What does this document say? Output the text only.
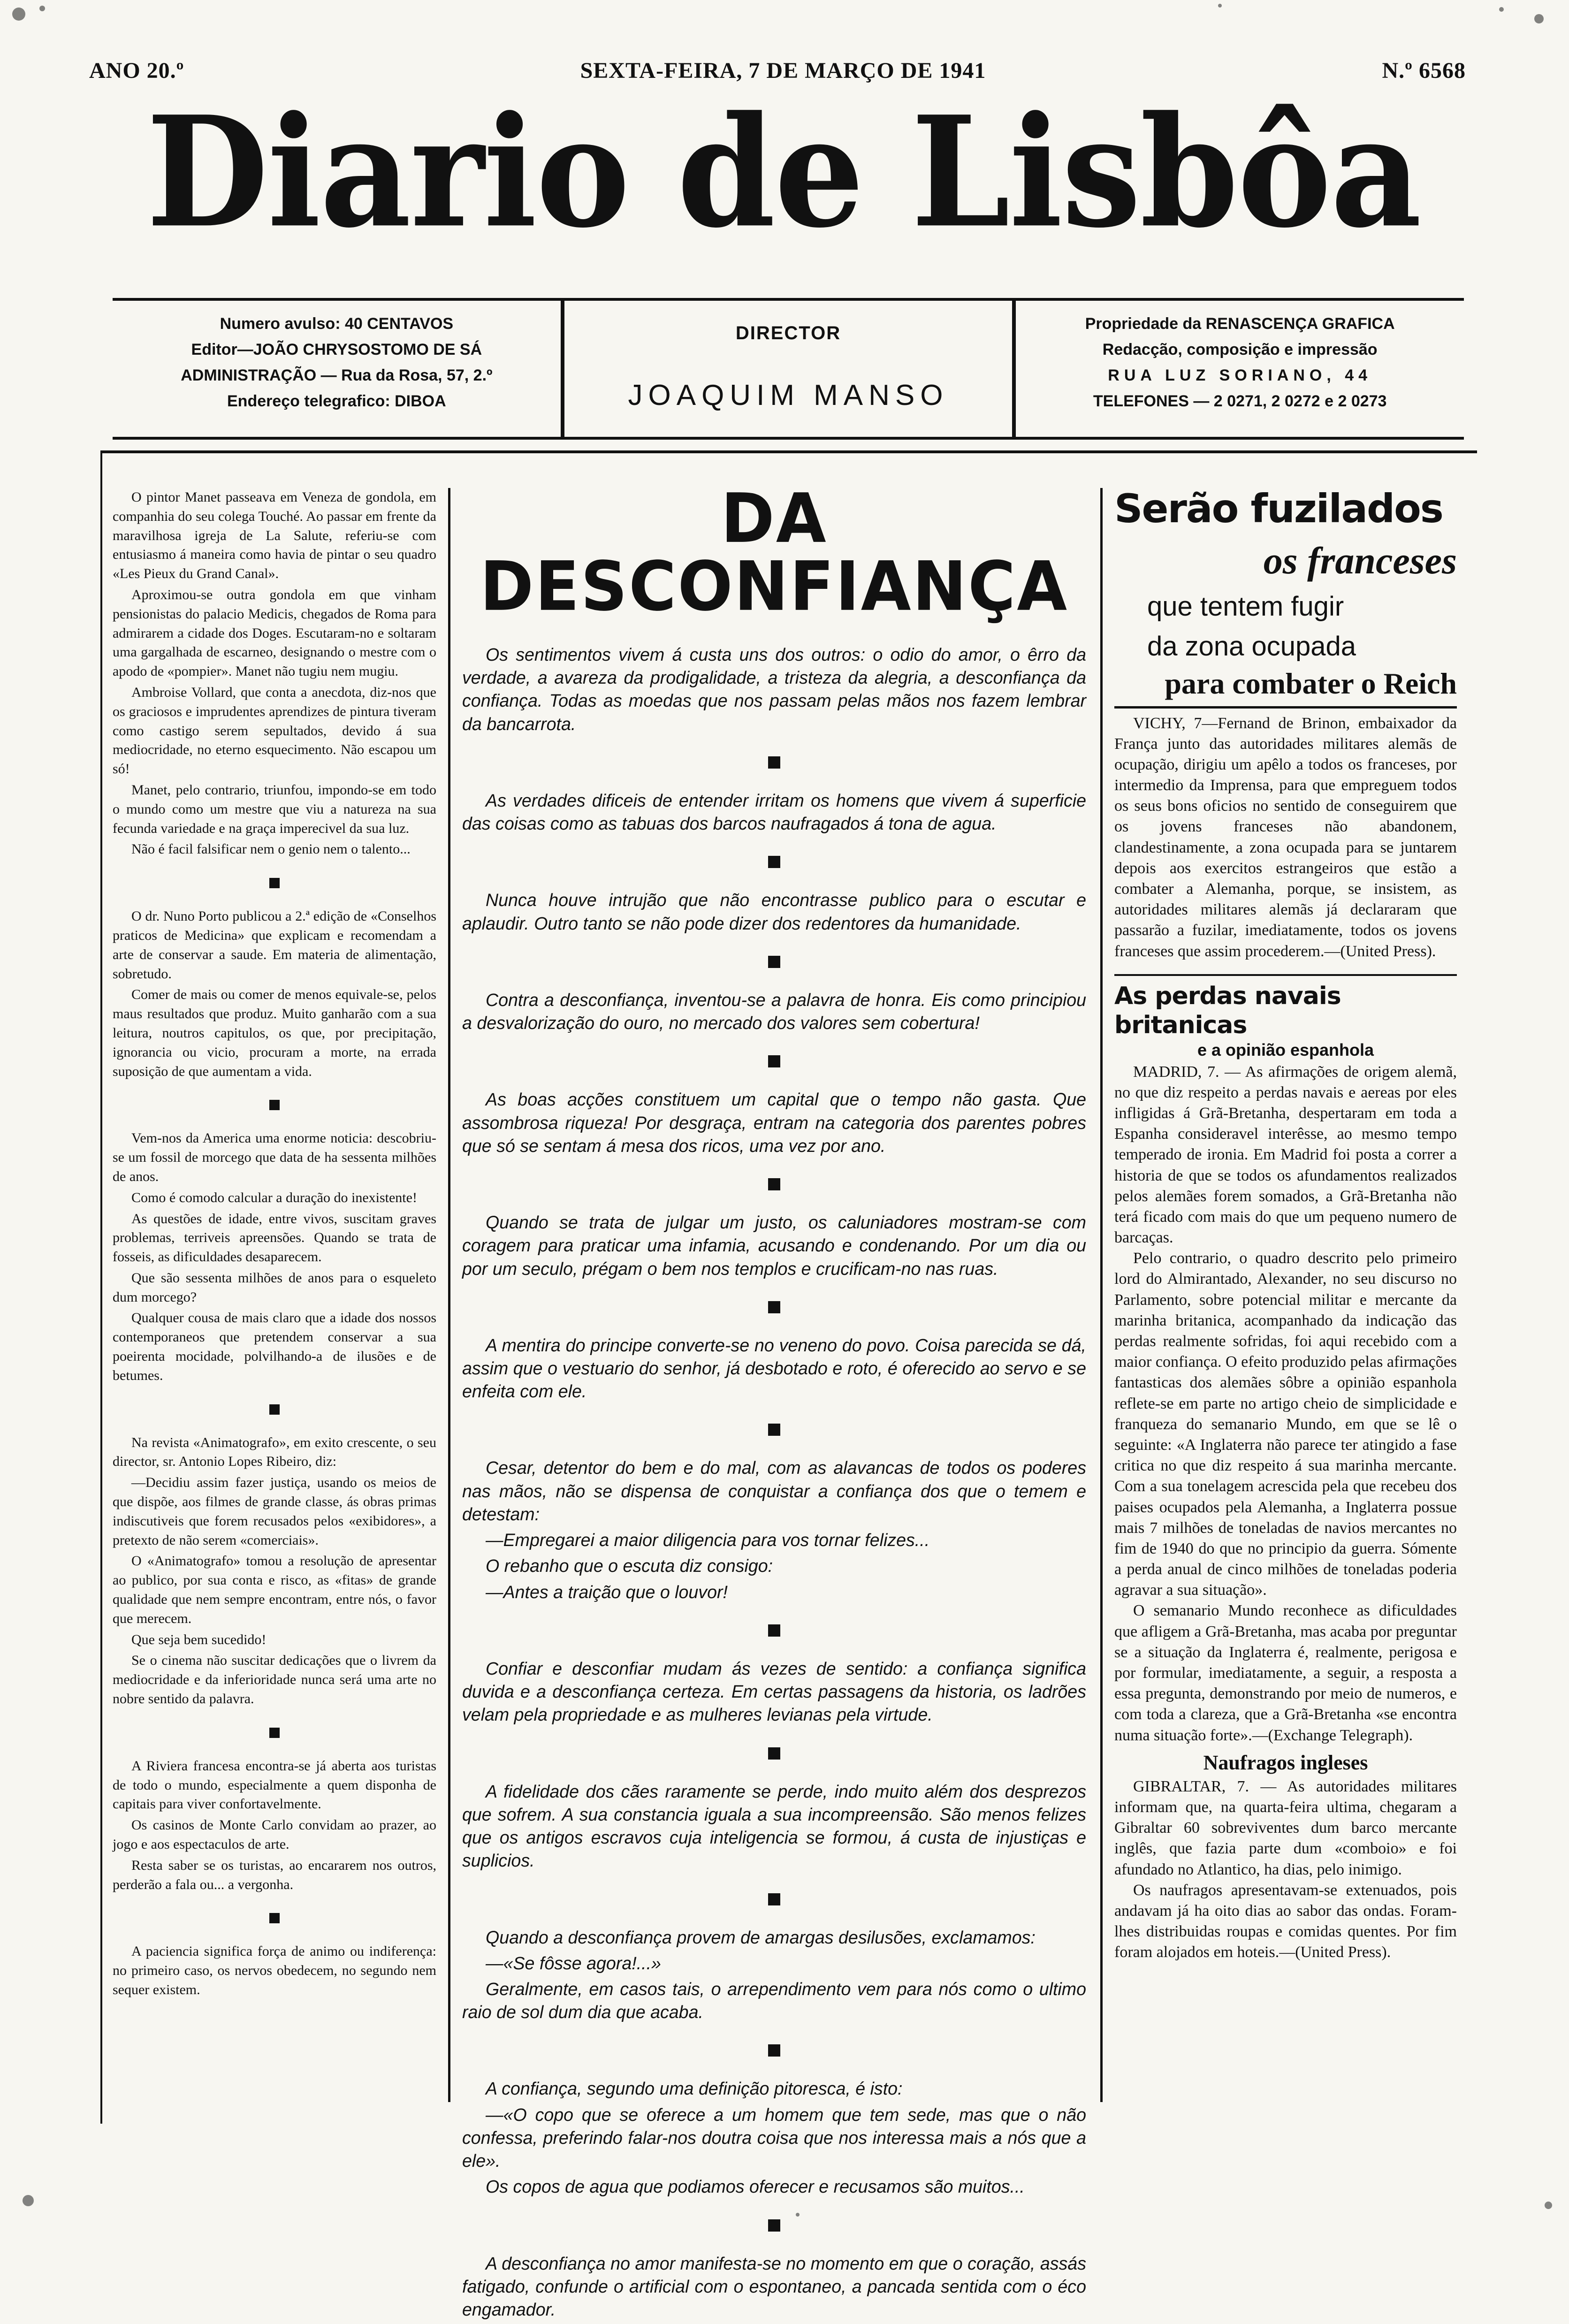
ANO 20.º	SEXTA-FEIRA, 7 DE MARÇO DE 1941	N.º 6568
Diario de Lisbôa
Numero avulso: 40 CENTAVOS
Editor—JOÃO CHRYSOSTOMO DE SÁ
ADMINISTRAÇÃO — Rua da Rosa, 57, 2.º
Endereço telegrafico: DIBOA
DIRECTOR
JOAQUIM MANSO
Propriedade da RENASCENÇA GRAFICA
Redacção, composição e impressão
RUA LUZ SORIANO, 44
TELEFONES — 2 0271, 2 0272 e 2 0273

O pintor Manet passeava em Veneza de gondola, em companhia do seu colega Touché. Ao passar em frente da maravilhosa igreja de La Salute, referiu-se com entusiasmo á maneira como havia de pintar o seu quadro «Les Pieux du Grand Canal».

Aproximou-se outra gondola em que vinham pensionistas do palacio Medicis, chegados de Roma para admirarem a cidade dos Doges. Escutaram-no e soltaram uma gargalhada de escarneo, designando o mestre com o apodo de «pompier». Manet não tugiu nem mugiu.

Ambroise Vollard, que conta a anecdota, diz-nos que os graciosos e imprudentes aprendizes de pintura tiveram como castigo serem sepultados, devido á sua mediocridade, no eterno esquecimento. Não escapou um só!

Manet, pelo contrario, triunfou, impondo-se em todo o mundo como um mestre que viu a natureza na sua fecunda variedade e na graça imperecivel da sua luz.

Não é facil falsificar nem o genio nem o talento...

O dr. Nuno Porto publicou a 2.ª edição de «Conselhos praticos de Medicina» que explicam e recomendam a arte de conservar a saude. Em materia de alimentação, sobretudo.

Comer de mais ou comer de menos equivale-se, pelos maus resultados que produz. Muito ganharão com a sua leitura, noutros capitulos, os que, por precipitação, ignorancia ou vicio, procuram a morte, na errada suposição de que aumentam a vida.

Vem-nos da America uma enorme noticia: descobriu-se um fossil de morcego que data de ha sessenta milhões de anos.

Como é comodo calcular a duração do inexistente!

As questões de idade, entre vivos, suscitam graves problemas, terriveis apreensões. Quando se trata de fosseis, as dificuldades desaparecem.

Que são sessenta milhões de anos para o esqueleto dum morcego?

Qualquer cousa de mais claro que a idade dos nossos contemporaneos que pretendem conservar a sua poeirenta mocidade, polvilhando-a de ilusões e de betumes.

Na revista «Animatografo», em exito crescente, o seu director, sr. Antonio Lopes Ribeiro, diz:

—Decidiu assim fazer justiça, usando os meios de que dispõe, aos filmes de grande classe, ás obras primas indiscutiveis que forem recusados pelos «exibidores», a pretexto de não serem «comerciais».

O «Animatografo» tomou a resolução de apresentar ao publico, por sua conta e risco, as «fitas» de grande qualidade que nem sempre encontram, entre nós, o favor que merecem.

Que seja bem sucedido!

Se o cinema não suscitar dedicações que o livrem da mediocridade e da inferioridade nunca será uma arte no nobre sentido da palavra.

A Riviera francesa encontra-se já aberta aos turistas de todo o mundo, especialmente a quem disponha de capitais para viver confortavelmente.

Os casinos de Monte Carlo convidam ao prazer, ao jogo e aos espectaculos de arte.

Resta saber se os turistas, ao encararem nos outros, perderão a fala ou... a vergonha.

A paciencia significa força de animo ou indiferença: no primeiro caso, os nervos obedecem, no segundo nem sequer existem.

DA DESCONFIANÇA

Os sentimentos vivem á custa uns dos outros: o odio do amor, o êrro da verdade, a avareza da prodigalidade, a tristeza da alegria, a desconfiança da confiança. Todas as moedas que nos passam pelas mãos nos fazem lembrar da bancarrota.

As verdades dificeis de entender irritam os homens que vivem á superficie das coisas como as tabuas dos barcos naufragados á tona de agua.

Nunca houve intrujão que não encontrasse publico para o escutar e aplaudir. Outro tanto se não pode dizer dos redentores da humanidade.

Contra a desconfiança, inventou-se a palavra de honra. Eis como principiou a desvalorização do ouro, no mercado dos valores sem cobertura!

As boas acções constituem um capital que o tempo não gasta. Que assombrosa riqueza! Por desgraça, entram na categoria dos parentes pobres que só se sentam á mesa dos ricos, uma vez por ano.

Quando se trata de julgar um justo, os caluniadores mostram-se com coragem para praticar uma infamia, acusando e condenando. Por um dia ou por um seculo, prégam o bem nos templos e crucificam-no nas ruas.

A mentira do principe converte-se no veneno do povo. Coisa parecida se dá, assim que o vestuario do senhor, já desbotado e roto, é oferecido ao servo e se enfeita com ele.

Cesar, detentor do bem e do mal, com as alavancas de todos os poderes nas mãos, não se dispensa de conquistar a confiança dos que o temem e detestam:

—Empregarei a maior diligencia para vos tornar felizes...

O rebanho que o escuta diz consigo:

—Antes a traição que o louvor!

Confiar e desconfiar mudam ás vezes de sentido: a confiança significa duvida e a desconfiança certeza. Em certas passagens da historia, os ladrões velam pela propriedade e as mulheres levianas pela virtude.

A fidelidade dos cães raramente se perde, indo muito além dos desprezos que sofrem. A sua constancia iguala a sua incompreensão. São menos felizes que os antigos escravos cuja inteligencia se formou, á custa de injustiças e suplicios.

Quando a desconfiança provem de amargas desilusões, exclamamos:

—«Se fôsse agora!...»

Geralmente, em casos tais, o arrependimento vem para nós como o ultimo raio de sol dum dia que acaba.

A confiança, segundo uma definição pitoresca, é isto:

—«O copo que se oferece a um homem que tem sede, mas que o não confessa, preferindo falar-nos doutra coisa que nos interessa mais a nós que a ele».

Os copos de agua que podiamos oferecer e recusamos são muitos...

A desconfiança no amor manifesta-se no momento em que o coração, assás fatigado, confunde o artificial com o espontaneo, a pancada sentida com o éco engamador.

Serão fuzilados
os franceses
que tentem fugir
da zona ocupada
para combater o Reich

VICHY, 7—Fernand de Brinon, embaixador da França junto das autoridades militares alemãs de ocupação, dirigiu um apêlo a todos os franceses, por intermedio da Imprensa, para que empreguem todos os seus bons oficios no sentido de conseguirem que os jovens franceses não abandonem, clandestinamente, a zona ocupada para se juntarem depois aos exercitos estrangeiros que estão a combater a Alemanha, porque, se insistem, as autoridades militares alemãs já declararam que passarão a fuzilar, imediatamente, todos os jovens franceses que assim procederem.—(United Press).

As perdas navais britanicas
e a opinião espanhola

MADRID, 7. — As afirmações de origem alemã, no que diz respeito a perdas navais e aereas por eles infligidas á Grã-Bretanha, despertaram em toda a Espanha consideravel interêsse, ao mesmo tempo temperado de ironia. Em Madrid foi posta a correr a historia de que se todos os afundamentos realizados pelos alemães forem somados, a Grã-Bretanha não terá ficado com mais do que um pequeno numero de barcaças.

Pelo contrario, o quadro descrito pelo primeiro lord do Almirantado, Alexander, no seu discurso no Parlamento, sobre potencial militar e mercante da marinha britanica, acompanhado da indicação das perdas realmente sofridas, foi aqui recebido com a maior confiança. O efeito produzido pelas afirmações fantasticas dos alemães sôbre a opinião espanhola reflete-se em parte no artigo cheio de simplicidade e franqueza do semanario Mundo, em que se lê o seguinte: «A Inglaterra não parece ter atingido a fase critica no que diz respeito á sua marinha mercante. Com a sua tonelagem acrescida pela que recebeu dos paises ocupados pela Alemanha, a Inglaterra possue mais 7 milhões de toneladas de navios mercantes no fim de 1940 do que no principio da guerra. Sómente a perda anual de cinco milhões de toneladas poderia agravar a sua situação».

O semanario Mundo reconhece as dificuldades que afligem a Grã-Bretanha, mas acaba por preguntar se a situação da Inglaterra é, realmente, perigosa e por formular, imediatamente, a seguir, a resposta a essa pregunta, demonstrando por meio de numeros, e com toda a clareza, que a Grã-Bretanha «se encontra numa situação forte».—(Exchange Telegraph).

Naufragos ingleses

GIBRALTAR, 7. — As autoridades militares informam que, na quarta-feira ultima, chegaram a Gibraltar 60 sobreviventes dum barco mercante inglês, que fazia parte dum «comboio» e foi afundado no Atlantico, ha dias, pelo inimigo.

Os naufragos apresentavam-se extenuados, pois andavam já ha oito dias ao sabor das ondas. Foram-lhes distribuidas roupas e comidas quentes. Por fim foram alojados em hoteis.—(United Press).
